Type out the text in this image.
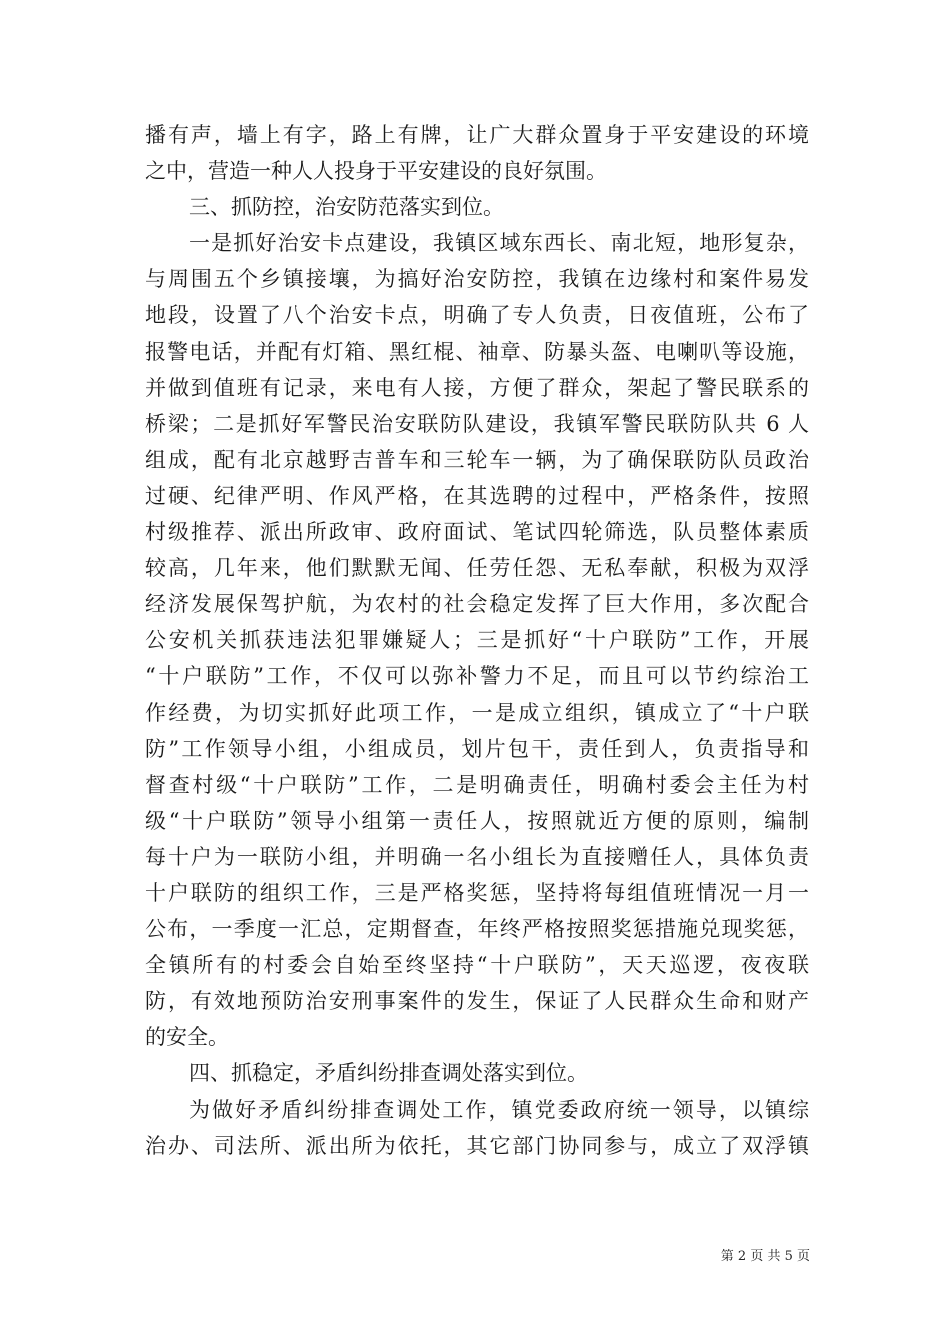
播有声，墙上有字，路上有牌，让广大群众置身于平安建设的环境
之中，营造一种人人投身于平安建设的良好氛围。
三、抓防控，治安防范落实到位。
一是抓好治安卡点建设，我镇区域东西长、南北短，地形复杂，
与周围五个乡镇接壤，为搞好治安防控，我镇在边缘村和案件易发
地段，设置了八个治安卡点，明确了专人负责，日夜值班，公布了
报警电话，并配有灯箱、黑红棍、袖章、防暴头盔、电喇叭等设施，
并做到值班有记录，来电有人接，方便了群众，架起了警民联系的
桥梁；二是抓好军警民治安联防队建设，我镇军警民联防队共 6 人
组成，配有北京越野吉普车和三轮车一辆，为了确保联防队员政治
过硬、纪律严明、作风严格，在其选聘的过程中，严格条件，按照
村级推荐、派出所政审、政府面试、笔试四轮筛选，队员整体素质
较高，几年来，他们默默无闻、任劳任怨、无私奉献，积极为双浮
经济发展保驾护航，为农村的社会稳定发挥了巨大作用，多次配合
公安机关抓获违法犯罪嫌疑人；三是抓好“十户联防”工作，开展
“十户联防”工作，不仅可以弥补警力不足，而且可以节约综治工
作经费，为切实抓好此项工作，一是成立组织，镇成立了“十户联
防”工作领导小组，小组成员，划片包干，责任到人，负责指导和
督查村级“十户联防”工作，二是明确责任，明确村委会主任为村
级“十户联防”领导小组第一责任人，按照就近方便的原则，编制
每十户为一联防小组，并明确一名小组长为直接赠任人，具体负责
十户联防的组织工作，三是严格奖惩，坚持将每组值班情况一月一
公布，一季度一汇总，定期督查，年终严格按照奖惩措施兑现奖惩，
全镇所有的村委会自始至终坚持“十户联防”，天天巡逻，夜夜联
防，有效地预防治安刑事案件的发生，保证了人民群众生命和财产
的安全。
四、抓稳定，矛盾纠纷排查调处落实到位。
为做好矛盾纠纷排查调处工作，镇党委政府统一领导，以镇综
治办、司法所、派出所为依托，其它部门协同参与，成立了双浮镇
第 2 页 共 5 页
